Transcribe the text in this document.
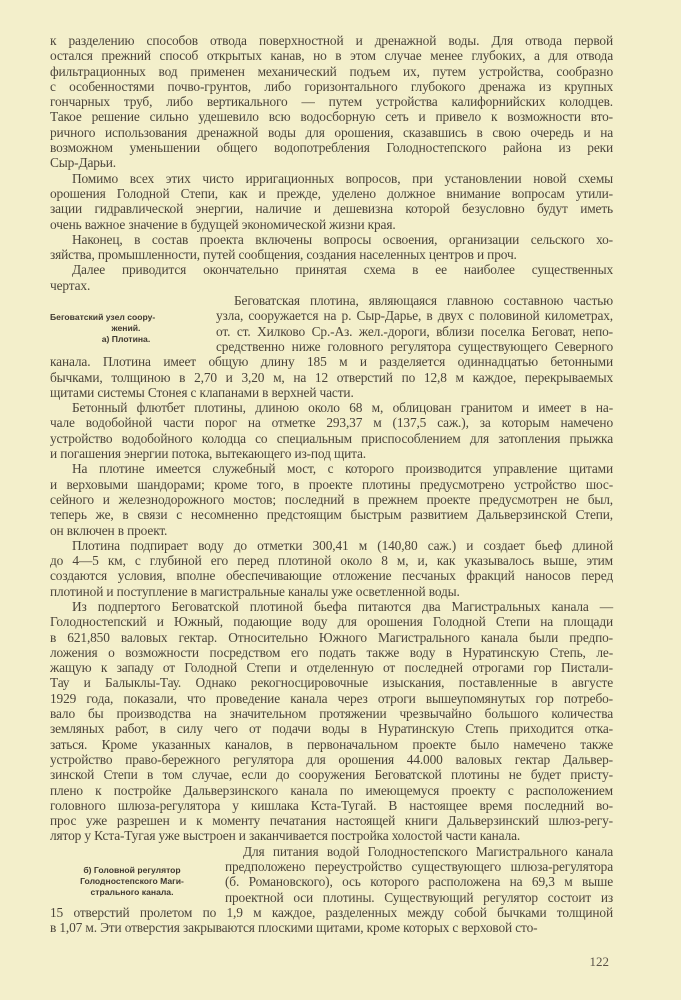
к разделению способов отвода поверхностной и дренажной воды. Для отвода первой
остался прежний способ открытых канав, но в этом случае менее глубоких, а для отвода
фильтрационных вод применен механический подъем их, путем устройства, сообразно
с особенностями почво-грунтов, либо горизонтального глубокого дренажа из крупных
гончарных труб, либо вертикального — путем устройства калифорнийских колодцев.
Такое решение сильно удешевило всю водосборную сеть и привело к возможности вто-
ричного использования дренажной воды для орошения, сказавшись в свою очередь и на
возможном уменьшении общего водопотребления Голодностепского района из реки
Сыр-Дарьи.
Помимо всех этих чисто ирригационных вопросов, при установлении новой схемы
орошения Голодной Степи, как и прежде, уделено должное внимание вопросам утили-
зации гидравлической энергии, наличие и дешевизна которой безусловно будут иметь
очень важное значение в будущей экономической жизни края.
Наконец, в состав проекта включены вопросы освоения, организации сельского хо-
зяйства, промышленности, путей сообщения, создания населенных центров и проч.
Далее приводится окончательно принятая схема в ее наиболее существенных
чертах.
Беговатская плотина, являющаяся главною составною частью
узла, сооружается на р. Сыр-Дарье, в двух с половиной километрах,
от. ст. Хилково Ср.-Аз. жел.-дороги, вблизи поселка Беговат, непо-
средственно ниже головного регулятора существующего Северного
канала. Плотина имеет общую длину 185 м и разделяется одиннадцатью бетонными
бычками, толщиною в 2,70 и 3,20 м, на 12 отверстий по 12,8 м каждое, перекрываемых
щитами системы Стонея с клапанами в верхней части.
Беговатский узел соору-
жений.
а) Плотина.
Бетонный флютбет плотины, длиною около 68 м, облицован гранитом и имеет в на-
чале водобойной части порог на отметке 293,37 м (137,5 саж.), за которым намечено
устройство водобойного колодца со специальным приспособлением для затопления прыжка
и погашения энергии потока, вытекающего из-под щита.
На плотине имеется служебный мост, с которого производится управление щитами
и верховыми шандорами; кроме того, в проекте плотины предусмотрено устройство шос-
сейного и железнодорожного мостов; последний в прежнем проекте предусмотрен не был,
теперь же, в связи с несомненно предстоящим быстрым развитием Дальверзинской Степи,
он включен в проект.
Плотина подпирает воду до отметки 300,41 м (140,80 саж.) и создает бьеф длиной
до 4—5 км, с глубиной его перед плотиной около 8 м, и, как указывалось выше, этим
создаются условия, вполне обеспечивающие отложение песчаных фракций наносов перед
плотиной и поступление в магистральные каналы уже осветленной воды.
Из подпертого Беговатской плотиной бьефа питаются два Магистральных канала —
Голодностепский и Южный, подающие воду для орошения Голодной Степи на площади
в 621,850 валовых гектар. Относительно Южного Магистрального канала были предпо-
ложения о возможности посредством его подать также воду в Нуратинскую Степь, ле-
жащую к западу от Голодной Степи и отделенную от последней отрогами гор Пистали-
Тау и Балыклы-Тау. Однако рекогносцировочные изыскания, поставленные в августе
1929 года, показали, что проведение канала через отроги вышеупомянутых гор потребо-
вало бы производства на значительном протяжении чрезвычайно большого количества
земляных работ, в силу чего от подачи воды в Нуратинскую Степь приходится отка-
заться. Кроме указанных каналов, в первоначальном проекте было намечено также
устройство право-бережного регулятора для орошения 44.000 валовых гектар Дальвер-
зинской Степи в том случае, если до сооружения Беговатской плотины не будет присту-
плено к постройке Дальверзинского канала по имеющемуся проекту с расположением
головного шлюза-регулятора у кишлака Кста-Тугай. В настоящее время последний во-
прос уже разрешен и к моменту печатания настоящей книги Дальверзинский шлюз-регу-
лятор у Кста-Тугая уже выстроен и заканчивается постройка холостой части канала.
Для питания водой Голодностепского Магистрального канала
предположено переустройство существующего шлюза-регулятора
(б. Романовского), ось которого расположена на 69,3 м выше
проектной оси плотины. Существующий регулятор состоит из
15 отверстий пролетом по 1,9 м каждое, разделенных между собой бычками толщиной
в 1,07 м. Эти отверстия закрываются плоскими щитами, кроме которых с верховой сто-
б) Головной регулятор
Голодностепского Маги-
стрального канала.
122
